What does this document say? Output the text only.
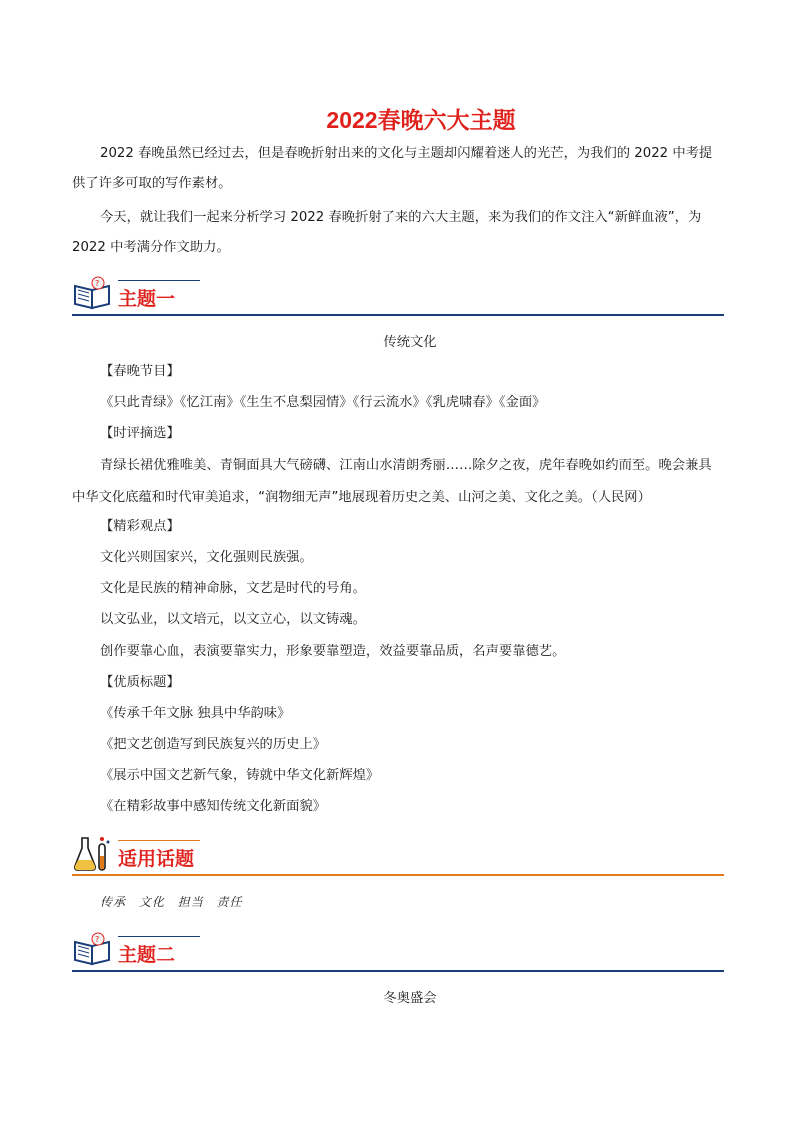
2022春晚六大主题

2022 春晚虽然已经过去，但是春晚折射出来的文化与主题却闪耀着迷人的光芒，为我们的 2022 中考提供了许多可取的写作素材。

今天，就让我们一起来分析学习 2022 春晚折射了来的六大主题，来为我们的作文注入“新鲜血液”，为 2022 中考满分作文助力。

?
主题一
传统文化
【春晚节目】
《只此青绿》《忆江南》《生生不息梨园情》《行云流水》《乳虎啸春》《金面》
【时评摘选】
青绿长裙优雅唯美、青铜面具大气磅礴、江南山水清朗秀丽……除夕之夜，虎年春晚如约而至。晚会兼具中华文化底蕴和时代审美追求，“润物细无声”地展现着历史之美、山河之美、文化之美。（人民网）
【精彩观点】
文化兴则国家兴，文化强则民族强。
文化是民族的精神命脉，文艺是时代的号角。
以文弘业，以文培元，以文立心，以文铸魂。
创作要靠心血，表演要靠实力，形象要靠塑造，效益要靠品质，名声要靠德艺。
【优质标题】
《传承千年文脉 独具中华韵味》
《把文艺创造写到民族复兴的历史上》
《展示中国文艺新气象，铸就中华文化新辉煌》
《在精彩故事中感知传统文化新面貌》
适用话题
传承 文化 担当 责任
?
主题二
冬奥盛会
